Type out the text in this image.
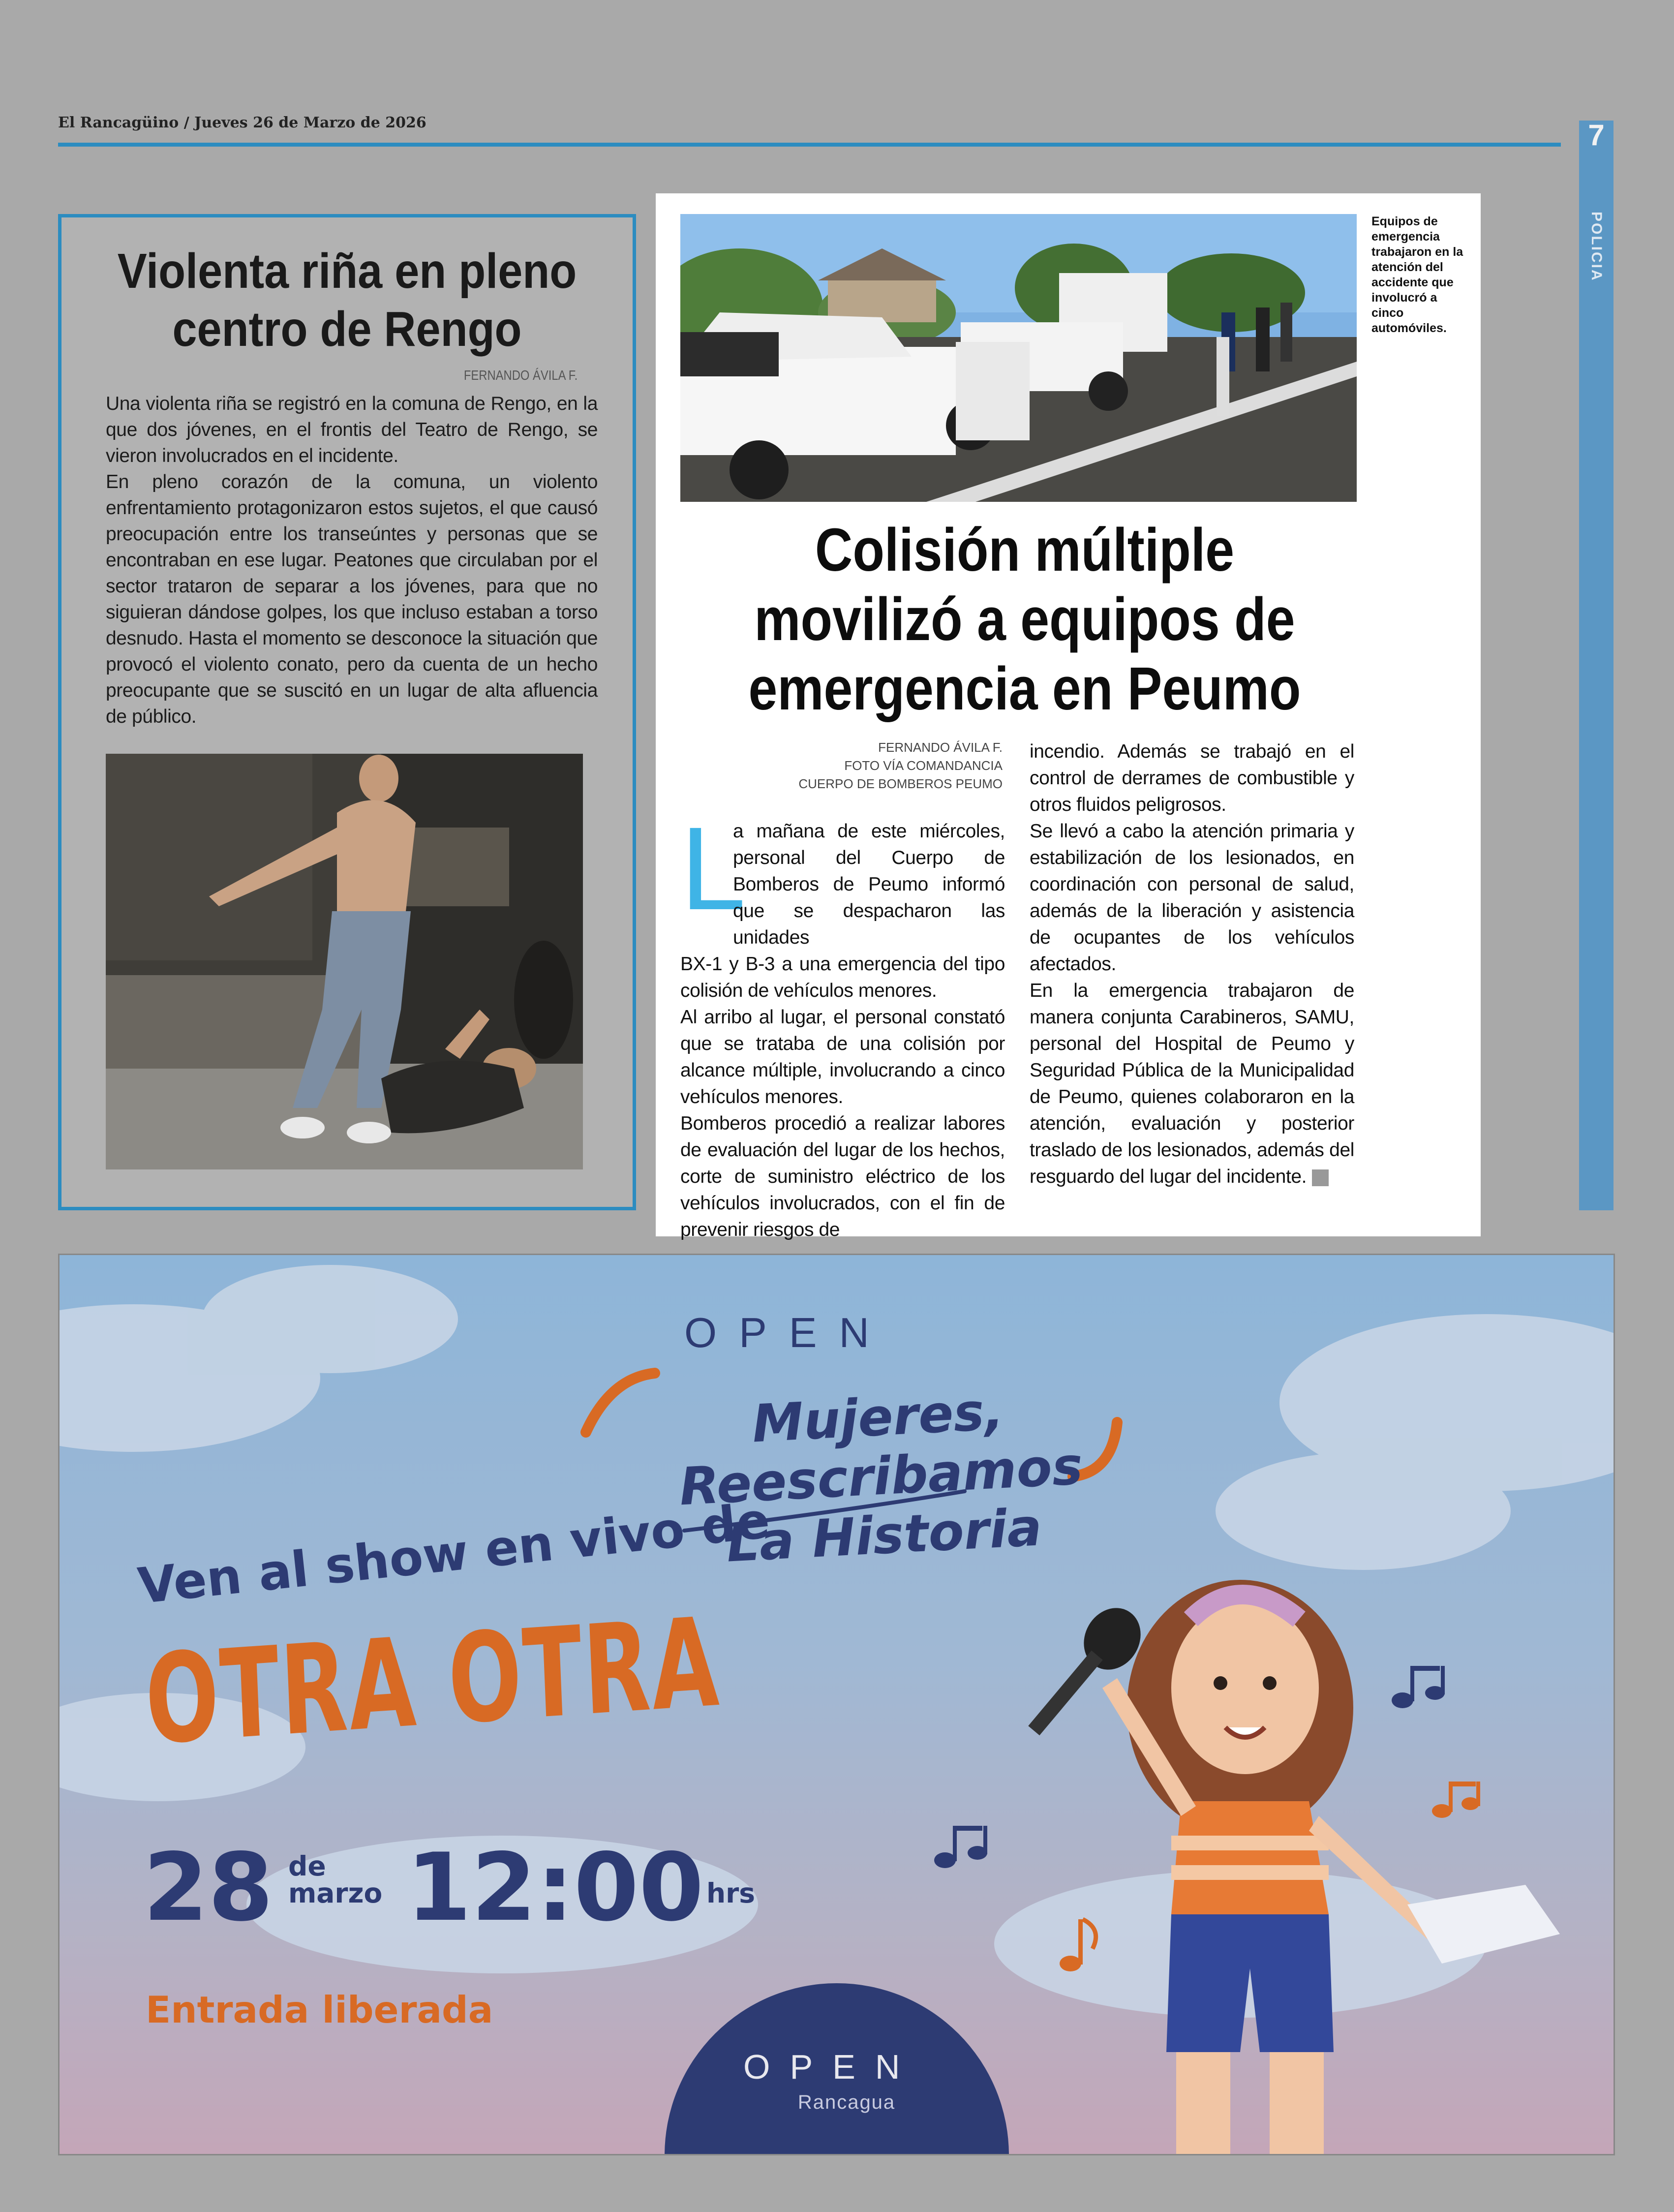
El Rancagüino / Jueves 26 de Marzo de 2026	7
POLICIA
Violenta riña en pleno centro de Rengo
FERNANDO ÁVILA F.

Una violenta riña se registró en la comuna de Rengo, en la que dos jóvenes, en el frontis del Teatro de Rengo, se vieron involucrados en el incidente.

En pleno corazón de la comuna, un violento enfrentamiento protagonizaron estos sujetos, el que causó preocupación entre los transeúntes y personas que se encontraban en ese lugar. Peatones que circulaban por el sector trataron de separar a los jóvenes, para que no siguieran dándose golpes, los que incluso estaban a torso desnudo. Hasta el momento se desconoce la situación que provocó el violento conato, pero da cuenta de un hecho preocupante que se suscitó en un lugar de alta afluencia de público.

Equipos de emergencia trabajaron en la atención del accidente que involucró a cinco automóviles.
Colisión múltiple movilizó a equipos de emergencia en Peumo
FERNANDO ÁVILA F.
FOTO VÍA COMANDANCIA
CUERPO DE BOMBEROS PEUMO
L
a mañana de este miércoles, personal del Cuerpo de Bomberos de Peumo informó que se despacharon las unidades

BX-1 y B-3 a una emergencia del tipo colisión de vehículos menores.

Al arribo al lugar, el personal constató que se trataba de una colisión por alcance múltiple, involucrando a cinco vehículos menores.

Bomberos procedió a realizar labores de evaluación del lugar de los hechos, corte de suministro eléctrico de los vehículos involucrados, con el fin de prevenir riesgos de

incendio. Además se trabajó en el control de derrames de combustible y otros fluidos peligrosos.

Se llevó a cabo la atención primaria y estabilización de los lesionados, en coordinación con personal de salud, además de la liberación y asistencia de ocupantes de los vehículos afectados.

En la emergencia trabajaron de manera conjunta Carabineros, SAMU, personal del Hospital de Peumo y Seguridad Pública de la Municipalidad de Peumo, quienes colaboraron en la atención, evaluación y posterior traslado de los lesionados, además del resguardo del lugar del incidente.

OPEN
Mujeres, Reescribamos
La Historia
Ven al show en vivo de
OTRA OTRA
28 de
marzo 12:00 hrs
Entrada liberada
OPEN
Rancagua
